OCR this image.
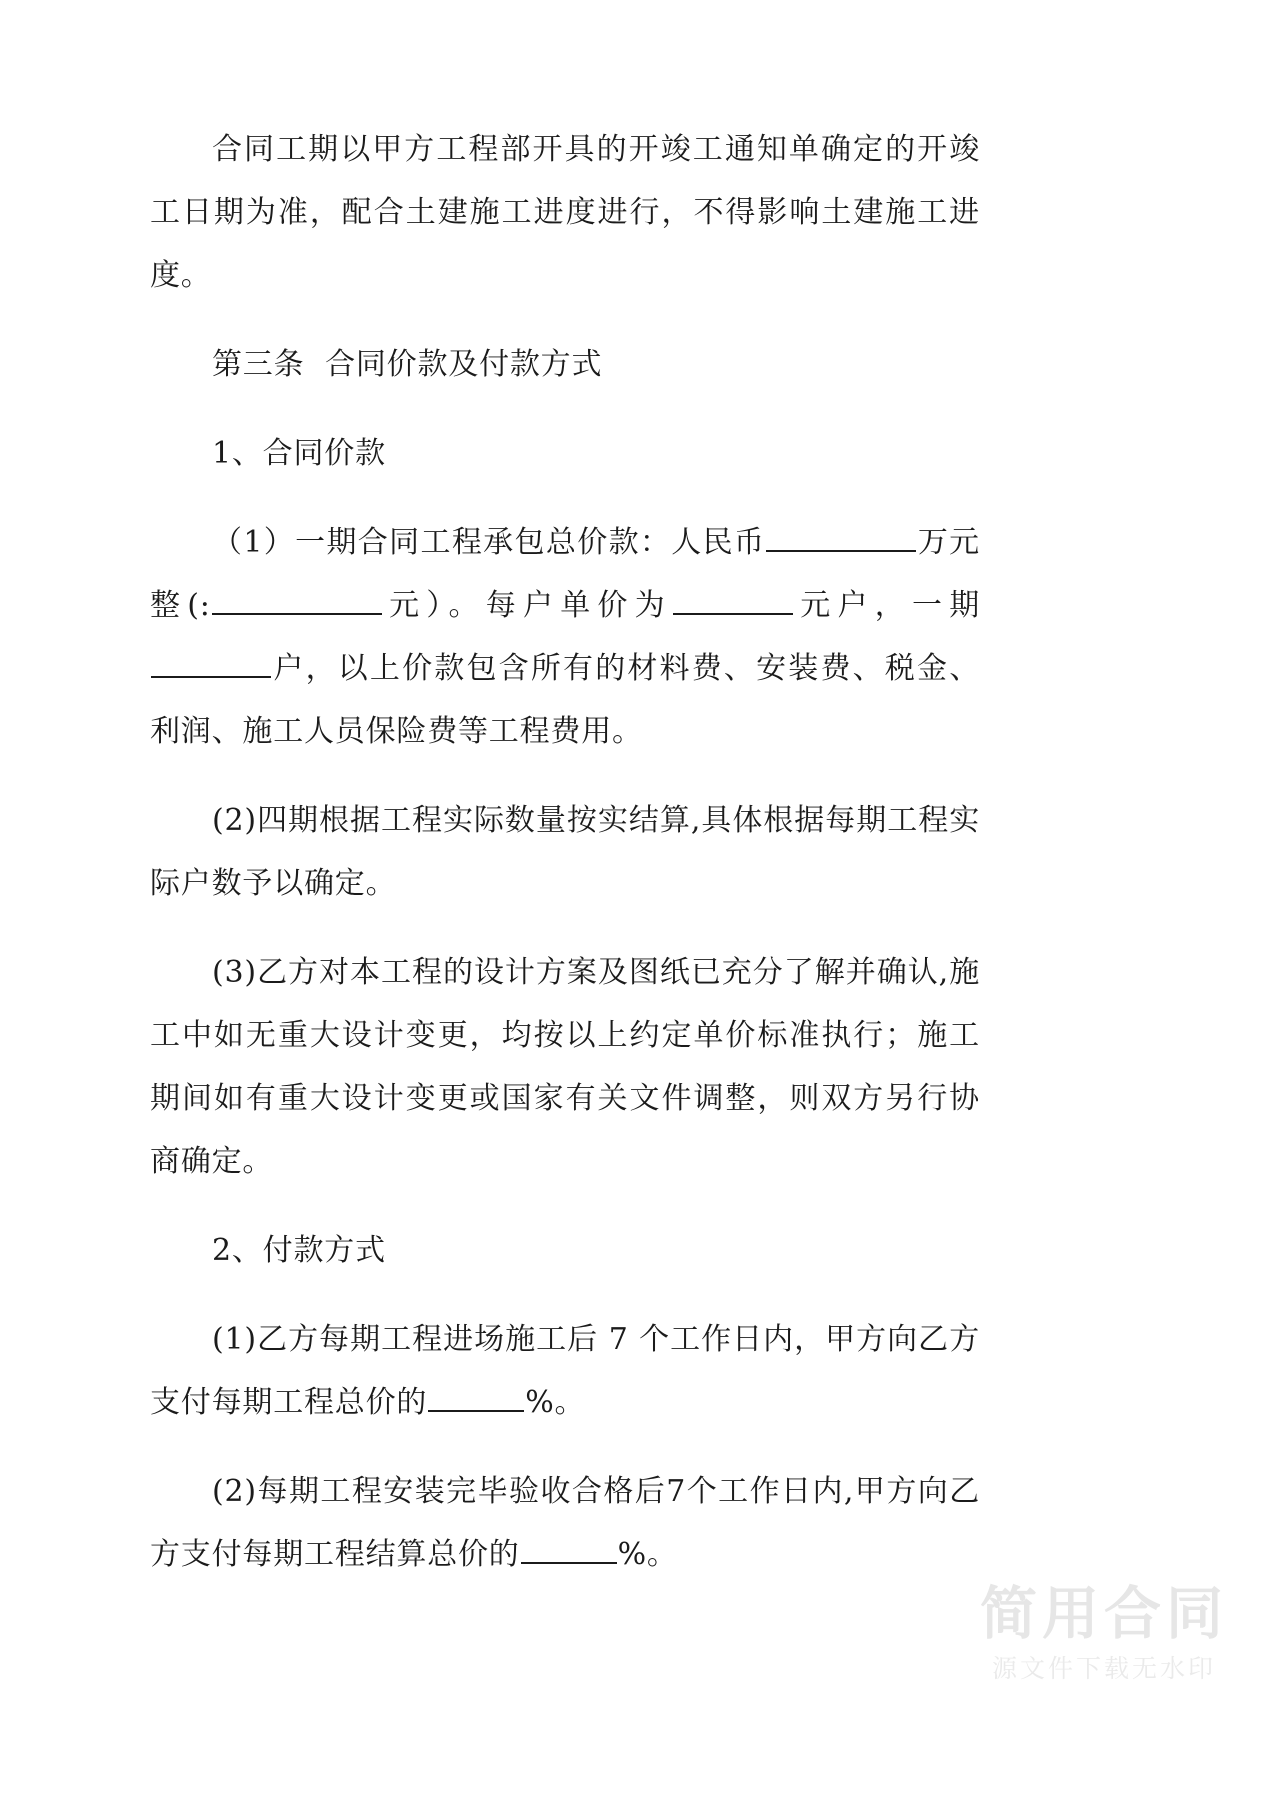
合同工期以甲方工程部开具的开竣工通知单确定的开竣工日期为准，配合土建施工进度进行，不得影响土建施工进度。

第三条  合同价款及付款方式

1、合同价款

（1）一期合同工程承包总价款：人民币	万元整(:	元）。每户单价为	元户，一期户，以上价款包含所有的材料费、安装费、税金、利润、施工人员保险费等工程费用。

(2)四期根据工程实际数量按实结算,具体根据每期工程实际户数予以确定。

(3)乙方对本工程的设计方案及图纸已充分了解并确认,施工中如无重大设计变更，均按以上约定单价标准执行；施工期间如有重大设计变更或国家有关文件调整，则双方另行协商确定。

2、付款方式

(1)乙方每期工程进场施工后 7 个工作日内，甲方向乙方支付每期工程总价的	%。

(2)每期工程安装完毕验收合格后7个工作日内,甲方向乙方支付每期工程结算总价的	%。

简用合同
源文件下载无水印
